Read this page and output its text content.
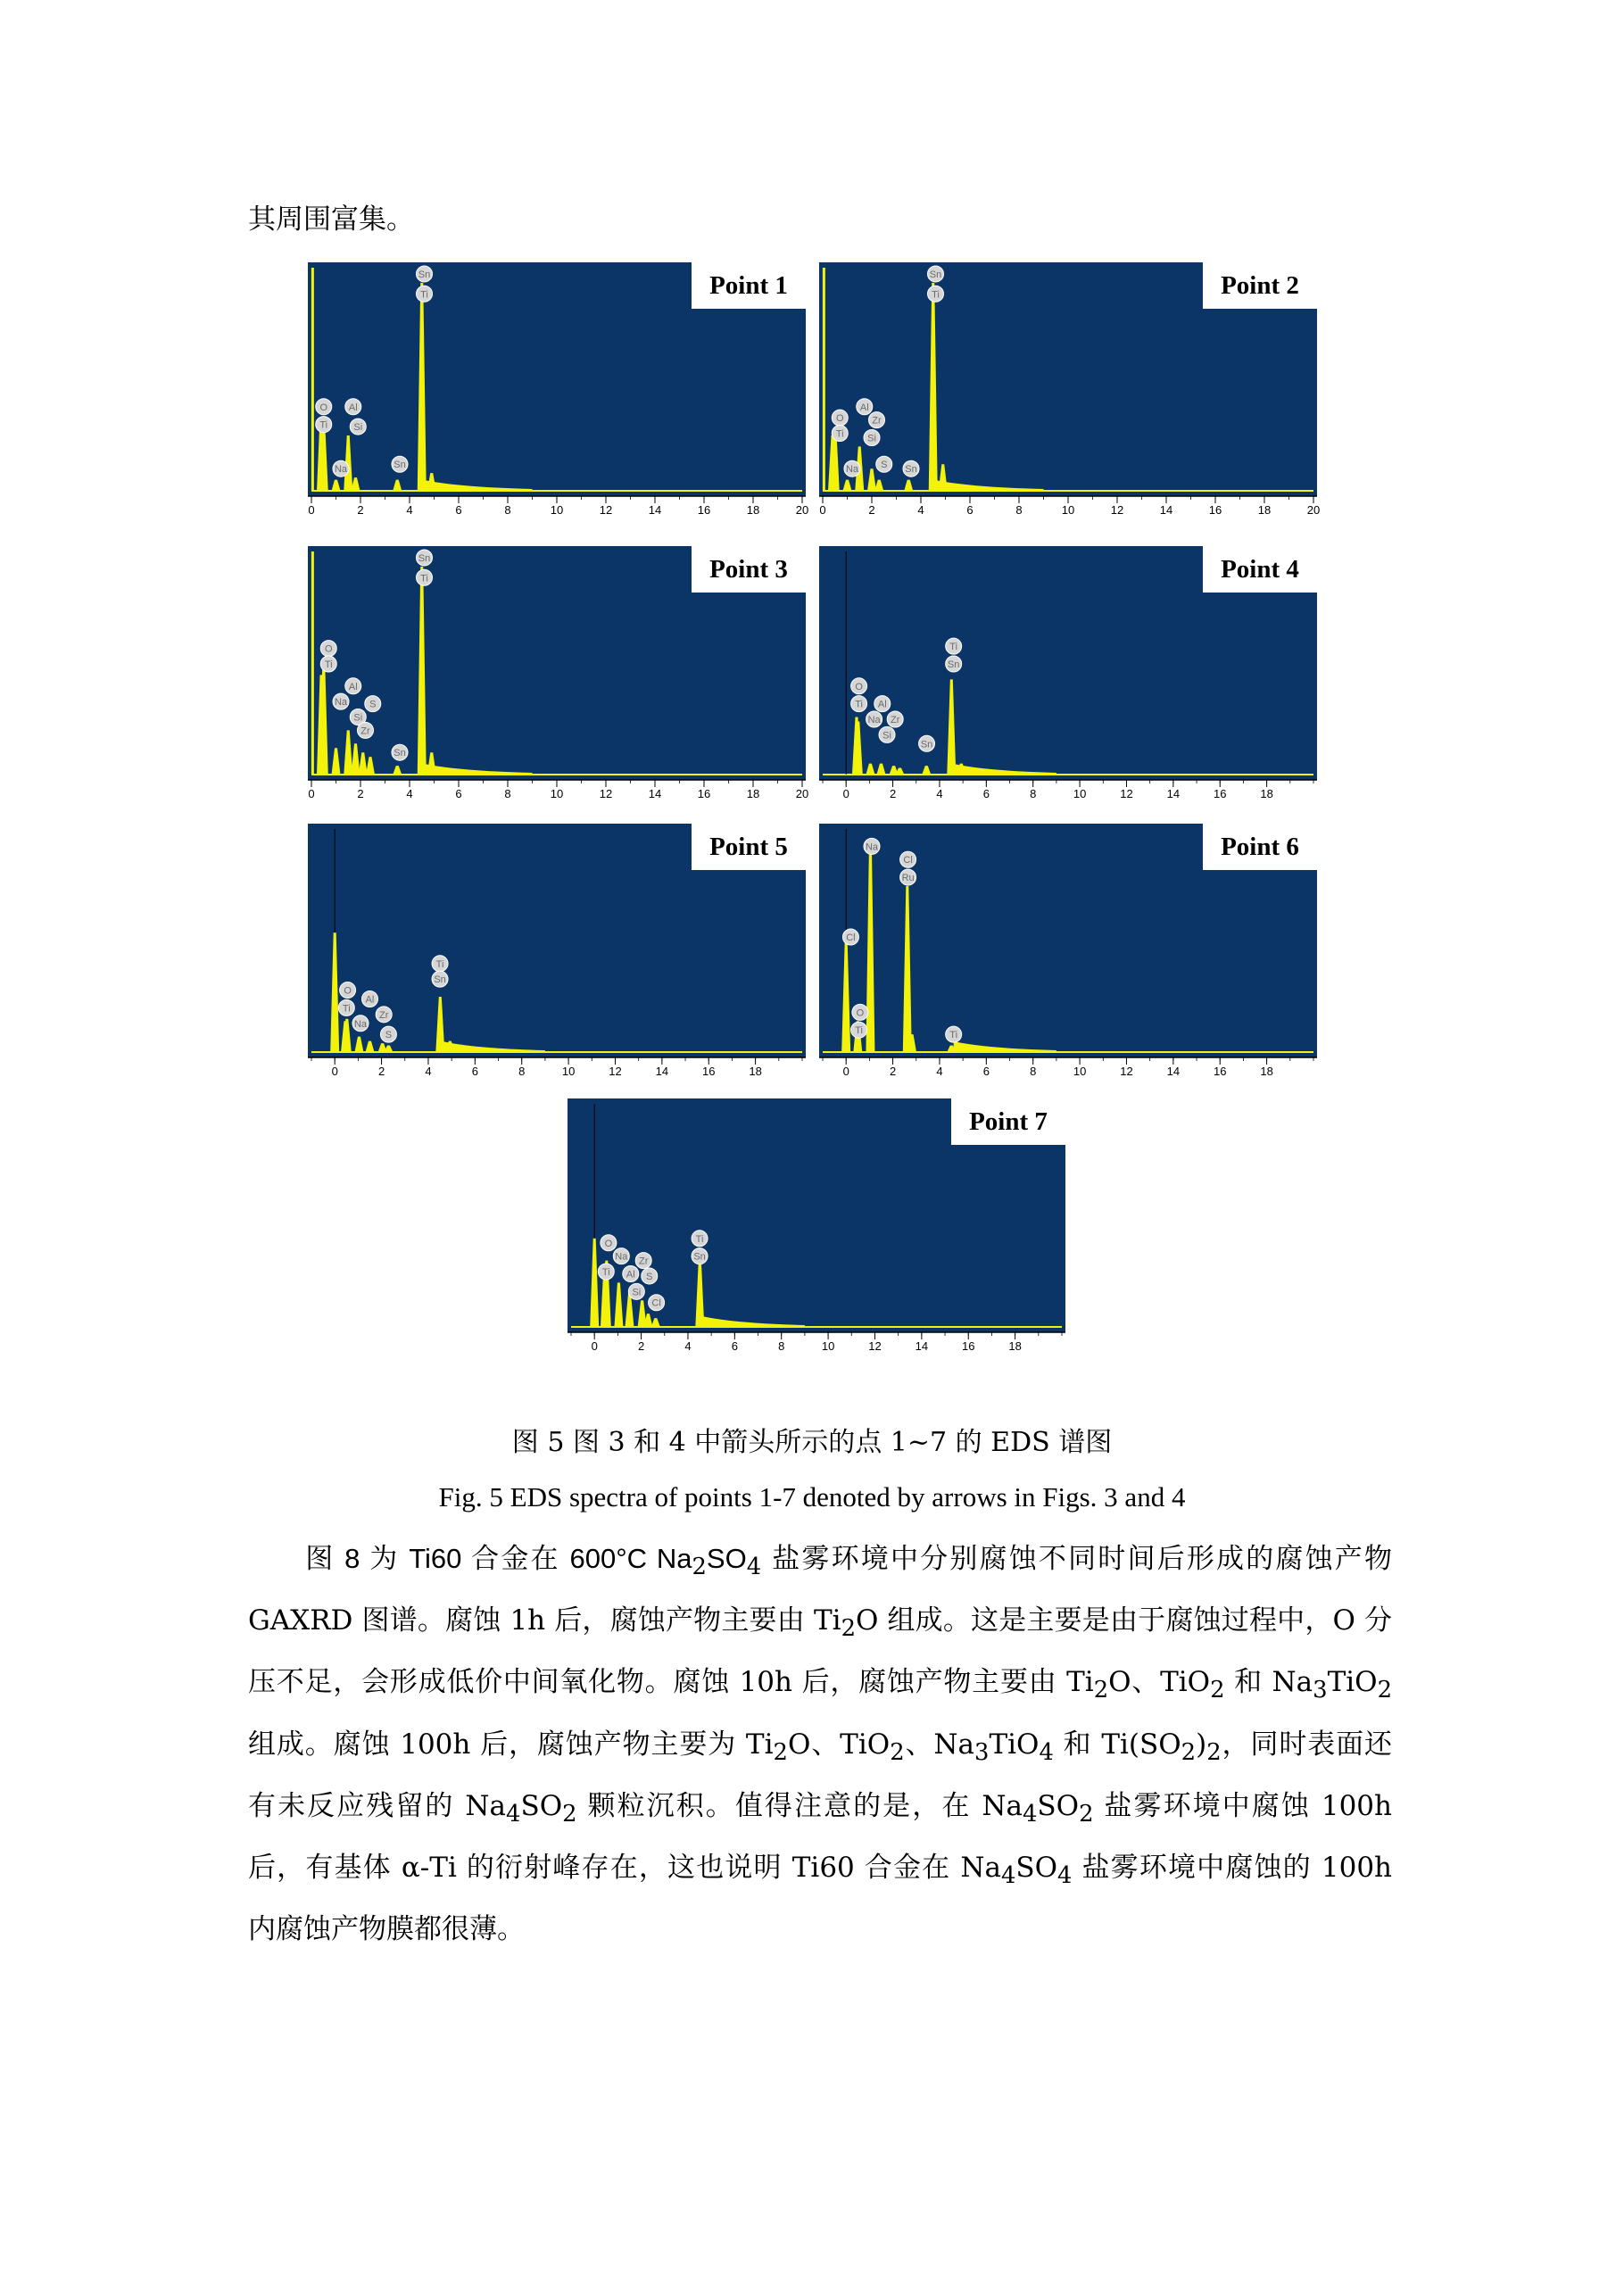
其周围富集。
Point 1
O
Ti
Al
Si
Na	Sn
Sn
Ti
0	2	4	6	8	10	12	14	16	18	20
Point 2
O
Ti
Al
Zr
Si
Na S Sn
Sn
Ti
0	2	4	6	8	10	12	14	16	18	20
Point 3
O
Ti
Al
Na S
Si
Zr
Sn
Sn
Ti
0	2	4	6	8	10	12	14	16	18	20
Point 4
Ti
Sn
O
Ti Al
Na Zr
Si
Sn
0	2	4	6	8	10	12	14	16	18
Point 5
Ti
Sn
O
Al
Ti
Zr
Na
S
0	2	4	6	8	10	12	14	16	18
Point 6
Na
Cl
Ru
Cl
O
Ti	Ti
0	2	4	6	8	10	12	14	16	18
Point 7
O
Na Zr
Ti Al S
Si
Cl
Ti
Sn
0	2	4	6	8	10	12	14	16	18
图 5 图 3 和 4 中箭头所示的点 1~7 的 EDS 谱图
Fig. 5 EDS spectra of points 1-7 denoted by arrows in Figs. 3 and 4

图 8 为 Ti60 合金在 600°C $Na_2SO_4$ 盐雾环境中分别腐蚀不同时间后形成的腐蚀产物GAXRD 图谱。腐蚀 1h 后，腐蚀产物主要由 $Ti_2O$ 组成。这是主要是由于腐蚀过程中，O 分压不足，会形成低价中间氧化物。腐蚀 10h 后，腐蚀产物主要由 $Ti_2O$、TiO$_2$ 和 $Na_3TiO_2$ 组成。腐蚀 100h 后，腐蚀产物主要为 $Ti_2O$、TiO$_2$、$Na_3TiO_4$ 和 $Ti(SO_2)_2$，同时表面还有未反应残留的 $Na_4SO_2$ 颗粒沉积。值得注意的是，在 $Na_4SO_2$ 盐雾环境中腐蚀 100h 后，有基体 α-Ti 的衍射峰存在，这也说明 Ti60 合金在 $Na_4SO_4$ 盐雾环境中腐蚀的 100h 内腐蚀产物膜都很薄。
